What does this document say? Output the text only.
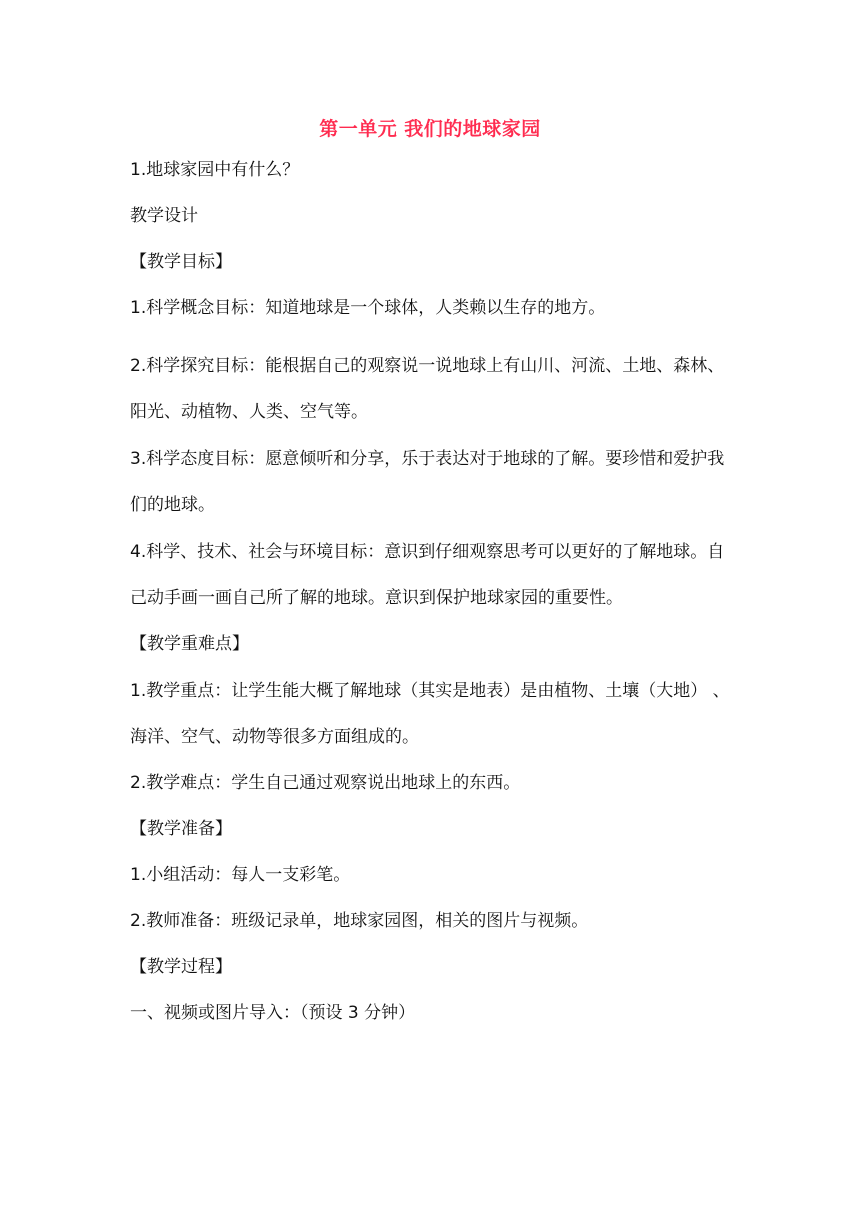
第一单元 我们的地球家园
1.地球家园中有什么？
教学设计
【教学目标】
1.科学概念目标：知道地球是一个球体，人类赖以生存的地方。
2.科学探究目标：能根据自己的观察说一说地球上有山川、河流、土地、森林、阳光、动植物、人类、空气等。
3.科学态度目标：愿意倾听和分享，乐于表达对于地球的了解。要珍惜和爱护我们的地球。
4.科学、技术、社会与环境目标：意识到仔细观察思考可以更好的了解地球。自己动手画一画自己所了解的地球。意识到保护地球家园的重要性。
【教学重难点】
1.教学重点：让学生能大概了解地球（其实是地表）是由植物、土壤（大地） 、海洋、空气、动物等很多方面组成的。
2.教学难点：学生自己通过观察说出地球上的东西。
【教学准备】
1.小组活动：每人一支彩笔。
2.教师准备：班级记录单，地球家园图，相关的图片与视频。
【教学过程】
一、视频或图片导入：（预设 3 分钟）
